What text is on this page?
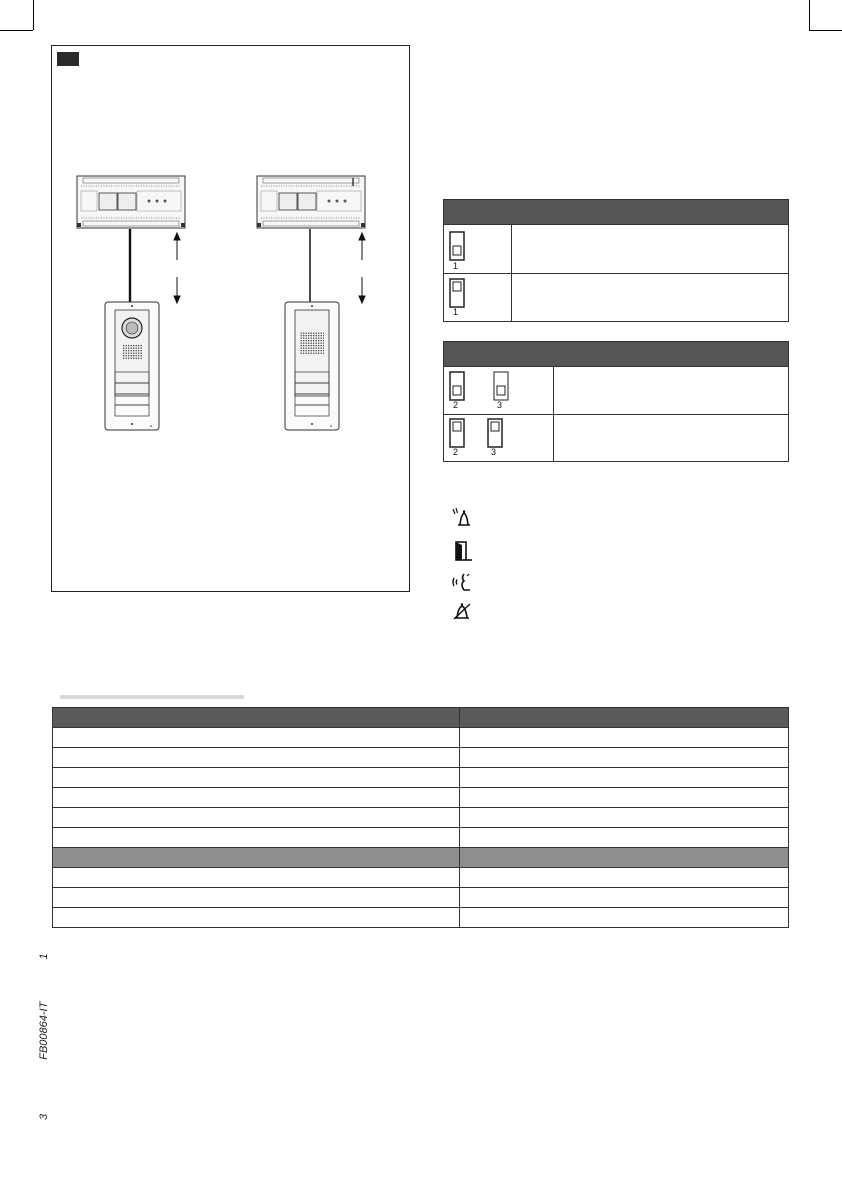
1
1
2	3
2	3

3  FB00864-IT  1
